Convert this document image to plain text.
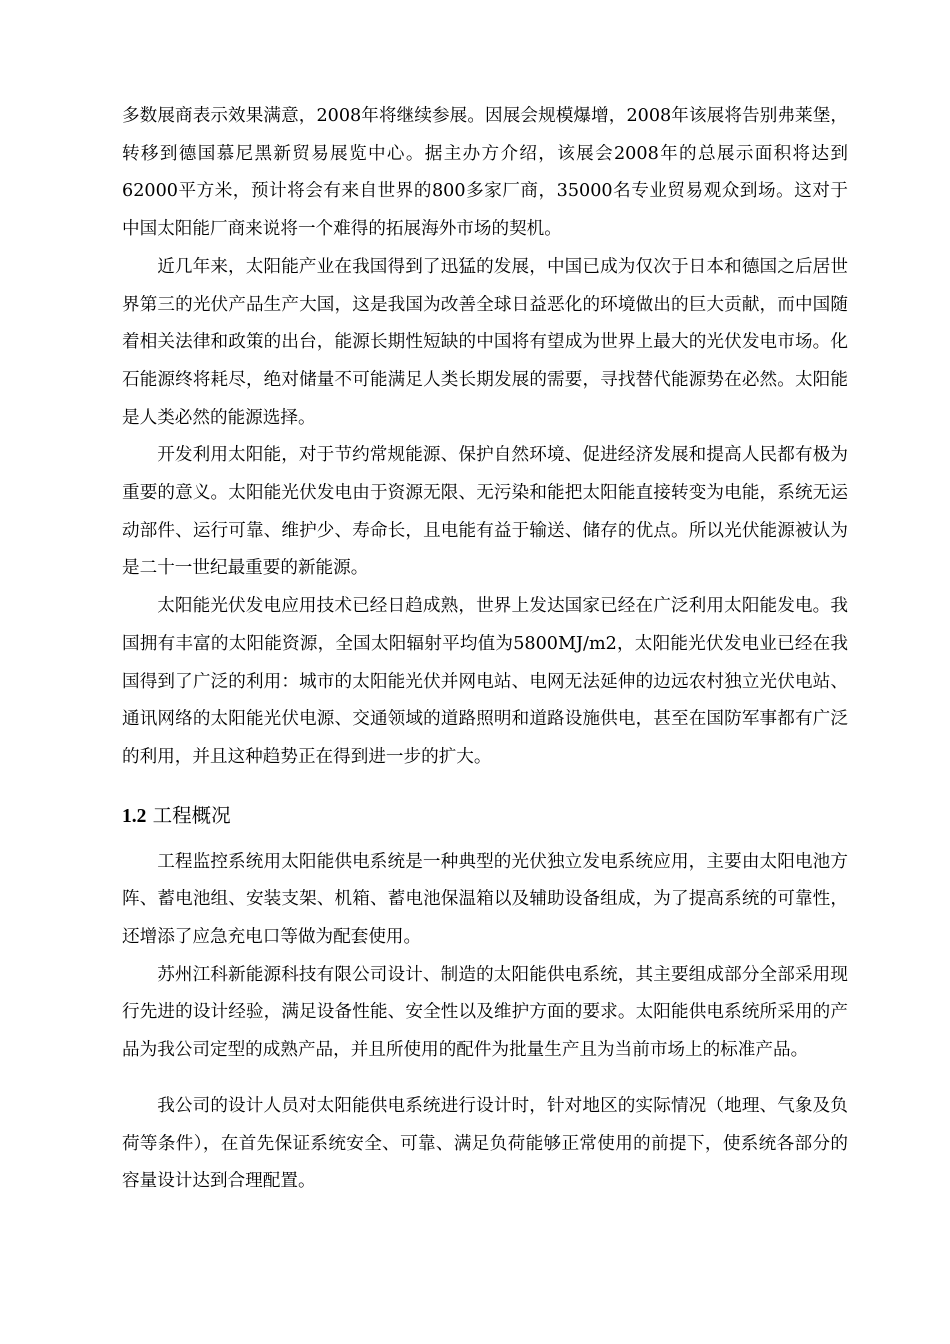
多数展商表示效果满意，2008年将继续参展。因展会规模爆增，2008年该展将告别弗莱堡，转移到德国慕尼黑新贸易展览中心。据主办方介绍，该展会2008年的总展示面积将达到62000平方米，预计将会有来自世界的800多家厂商，35000名专业贸易观众到场。这对于中国太阳能厂商来说将一个难得的拓展海外市场的契机。

近几年来，太阳能产业在我国得到了迅猛的发展，中国已成为仅次于日本和德国之后居世界第三的光伏产品生产大国，这是我国为改善全球日益恶化的环境做出的巨大贡献，而中国随着相关法律和政策的出台，能源长期性短缺的中国将有望成为世界上最大的光伏发电市场。化石能源终将耗尽，绝对储量不可能满足人类长期发展的需要，寻找替代能源势在必然。太阳能是人类必然的能源选择。

开发利用太阳能，对于节约常规能源、保护自然环境、促进经济发展和提高人民都有极为重要的意义。太阳能光伏发电由于资源无限、无污染和能把太阳能直接转变为电能，系统无运动部件、运行可靠、维护少、寿命长，且电能有益于输送、储存的优点。所以光伏能源被认为是二十一世纪最重要的新能源。

太阳能光伏发电应用技术已经日趋成熟，世界上发达国家已经在广泛利用太阳能发电。我国拥有丰富的太阳能资源，全国太阳辐射平均值为5800MJ/m2，太阳能光伏发电业已经在我国得到了广泛的利用：城市的太阳能光伏并网电站、电网无法延伸的边远农村独立光伏电站、通讯网络的太阳能光伏电源、交通领域的道路照明和道路设施供电，甚至在国防军事都有广泛的利用，并且这种趋势正在得到进一步的扩大。

1.2 工程概况

工程监控系统用太阳能供电系统是一种典型的光伏独立发电系统应用，主要由太阳电池方阵、蓄电池组、安装支架、机箱、蓄电池保温箱以及辅助设备组成，为了提高系统的可靠性，还增添了应急充电口等做为配套使用。

苏州江科新能源科技有限公司设计、制造的太阳能供电系统，其主要组成部分全部采用现行先进的设计经验，满足设备性能、安全性以及维护方面的要求。太阳能供电系统所采用的产品为我公司定型的成熟产品，并且所使用的配件为批量生产且为当前市场上的标准产品。

我公司的设计人员对太阳能供电系统进行设计时，针对地区的实际情况（地理、气象及负荷等条件），在首先保证系统安全、可靠、满足负荷能够正常使用的前提下，使系统各部分的容量设计达到合理配置。
